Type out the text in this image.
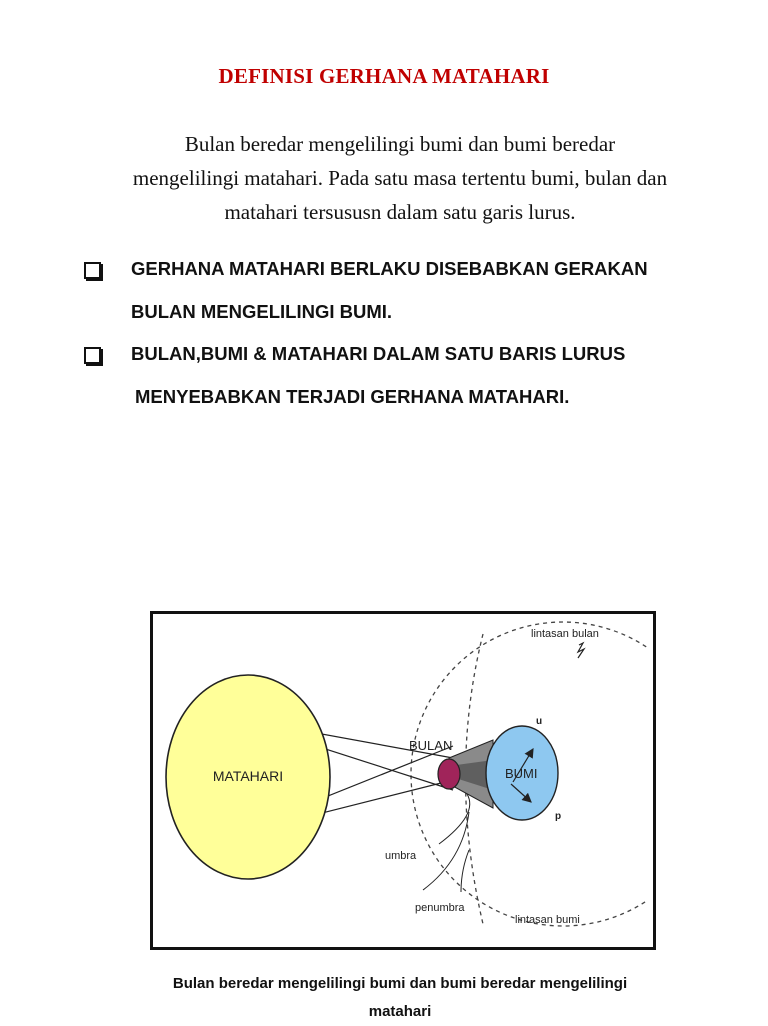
DEFINISI GERHANA MATAHARI
Bulan beredar mengelilingi bumi dan bumi beredar
mengelilingi matahari. Pada satu masa tertentu bumi, bulan dan
matahari tersususn dalam satu garis lurus.
GERHANA MATAHARI BERLAKU DISEBABKAN GERAKAN
BULAN MENGELILINGI BUMI.
BULAN,BUMI & MATAHARI DALAM SATU BARIS LURUS
MENYEBABKAN TERJADI GERHANA MATAHARI.
MATAHARI
BULAN
BUMI
umbra
penumbra
lintasan bulan
lintasan bumi
u
p
Bulan beredar mengelilingi bumi dan bumi beredar mengelilingi
matahari
